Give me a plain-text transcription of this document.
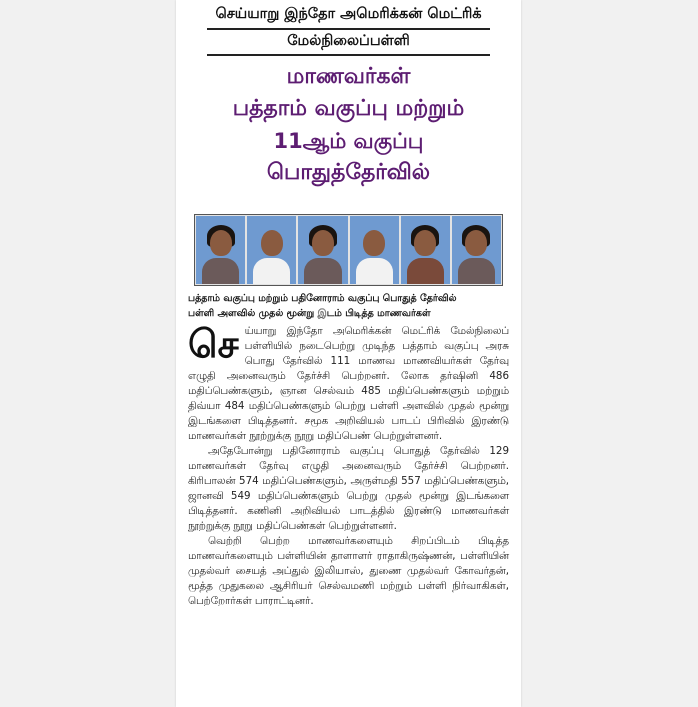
செய்யாறு இந்தோ அமெரிக்கன் மெட்ரிக்
மேல்நிலைப்பள்ளி
மாணவர்கள்
பத்தாம் வகுப்பு மற்றும்
11ஆம் வகுப்பு
பொதுத்தேர்வில்
பத்தாம் வகுப்பு மற்றும் பதினோராம் வகுப்பு பொதுத் தேர்வில்
பள்ளி அளவில் முதல் மூன்று இடம் பிடித்த மாணவர்கள்

செய்யாறு இந்தோ அமெரிக்கன் மெட்ரிக் மேல்நிலைப் பள்ளியில் நடைபெற்று முடிந்த பத்தாம் வகுப்பு அரசு பொது தேர்வில் 111 மாணவ மாணவியர்கள் தேர்வு எழுதி அனைவரும் தேர்ச்சி பெற்றனர். லோக தர்ஷினி 486 மதிப்பெண்களும், ஞான செல்வம் 485 மதிப்பெண்களும் மற்றும் திவ்யா 484 மதிப்பெண்களும் பெற்று பள்ளி அளவில் முதல் மூன்று இடங்களை பிடித்தனர். சமூக அறிவியல் பாடப் பிரிவில் இரண்டு மாணவர்கள் நூற்றுக்கு நூறு மதிப்பெண் பெற்றுள்ளனர்.

அதேபோன்று பதினோராம் வகுப்பு பொதுத் தேர்வில் 129 மாணவர்கள் தேர்வு எழுதி அனைவரும் தேர்ச்சி பெற்றனர். கிரிபாலன் 574 மதிப்பெண்களும், அருள்மதி 557 மதிப்பெண்களும், ஜானவி 549 மதிப்பெண்களும் பெற்று முதல் மூன்று இடங்களை பிடித்தனர். கணினி அறிவியல் பாடத்தில் இரண்டு மாணவர்கள் நூற்றுக்கு நூறு மதிப்பெண்கள் பெற்றுள்ளனர்.

வெற்றி பெற்ற மாணவர்களையும் சிறப்பிடம் பிடித்த மாணவர்களையும் பள்ளியின் தாளாளர் ராதாகிருஷ்ணன், பள்ளியின் முதல்வர் சையத் அப்துல் இலியாஸ், துணை முதல்வர் கோவர்தன், மூத்த முதுகலை ஆசிரியர் செல்வமணி மற்றும் பள்ளி நிர்வாகிகள், பெற்றோர்கள் பாராட்டினர்.
